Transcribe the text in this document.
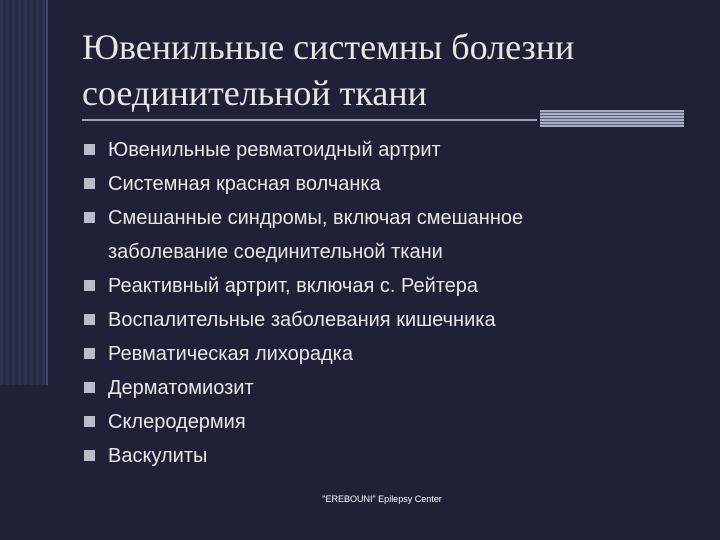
Ювенильные системны болезни соединительной ткани
Ювенильные ревматоидный артрит
Системная красная волчанка
Смешанные синдромы, включая смешанное заболевание соединительной ткани
Реактивный артрит, включая с. Рейтера
Воспалительные заболевания кишечника
Ревматическая лихорадка
Дерматомиозит
Склеродермия
Васкулиты
"EREBOUNI" Epilepsy Center
